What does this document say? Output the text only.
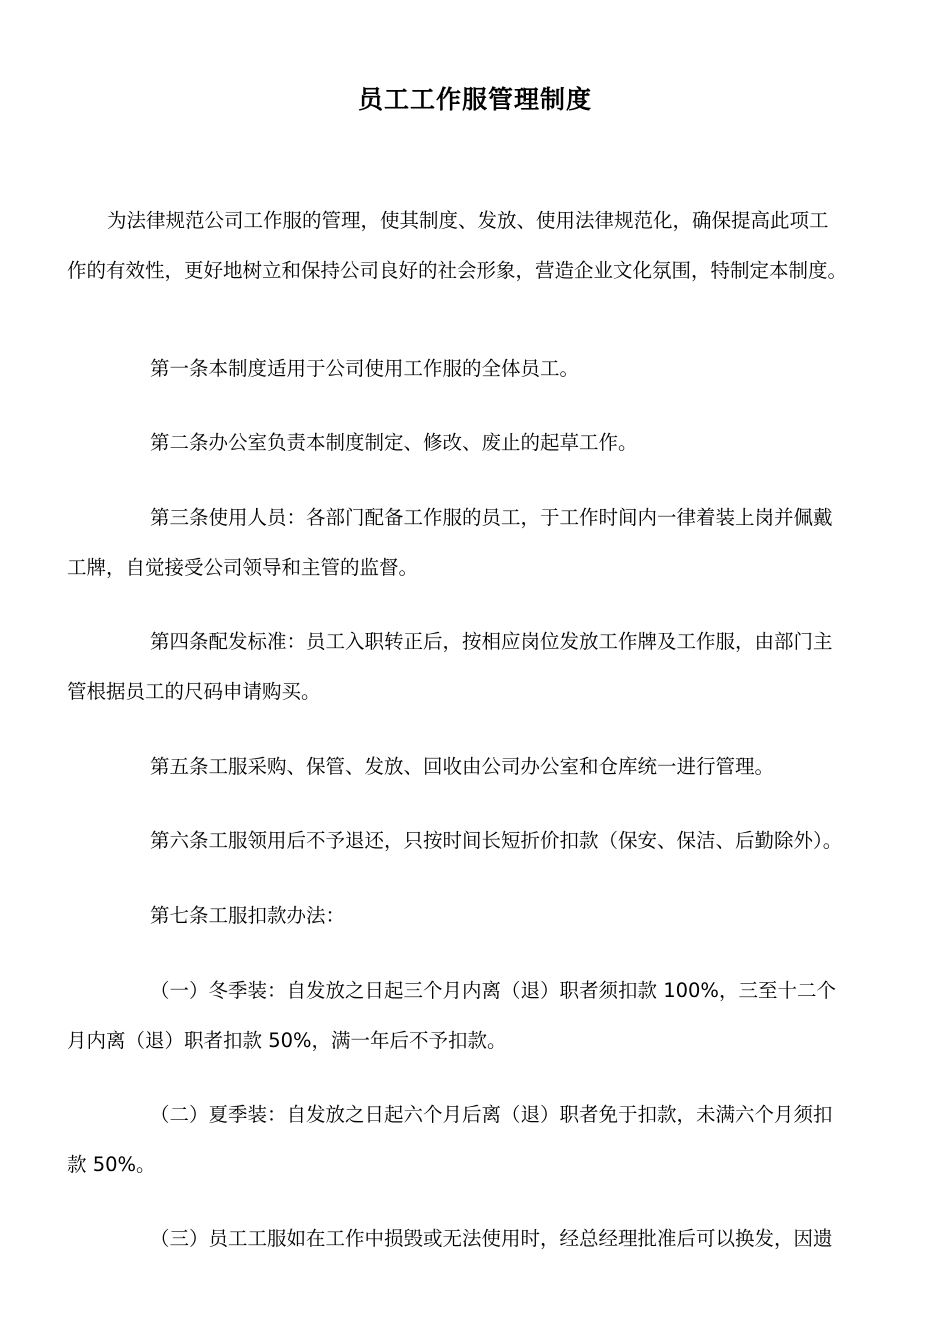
员工工作服管理制度
为法律规范公司工作服的管理，使其制度、发放、使用法律规范化，确保提高此项工
作的有效性，更好地树立和保持公司良好的社会形象，营造企业文化氛围，特制定本制度。
第一条本制度适用于公司使用工作服的全体员工。
第二条办公室负责本制度制定、修改、废止的起草工作。
第三条使用人员：各部门配备工作服的员工，于工作时间内一律着装上岗并佩戴
工牌，自觉接受公司领导和主管的监督。
第四条配发标准：员工入职转正后，按相应岗位发放工作牌及工作服，由部门主
管根据员工的尺码申请购买。
第五条工服采购、保管、发放、回收由公司办公室和仓库统一进行管理。
第六条工服领用后不予退还，只按时间长短折价扣款（保安、保洁、后勤除外）。
第七条工服扣款办法：
（一）冬季装：自发放之日起三个月内离（退）职者须扣款 100%，三至十二个
月内离（退）职者扣款 50%，满一年后不予扣款。
（二）夏季装：自发放之日起六个月后离（退）职者免于扣款，未满六个月须扣
款 50%。
（三）员工工服如在工作中损毁或无法使用时，经总经理批准后可以换发，因遗
